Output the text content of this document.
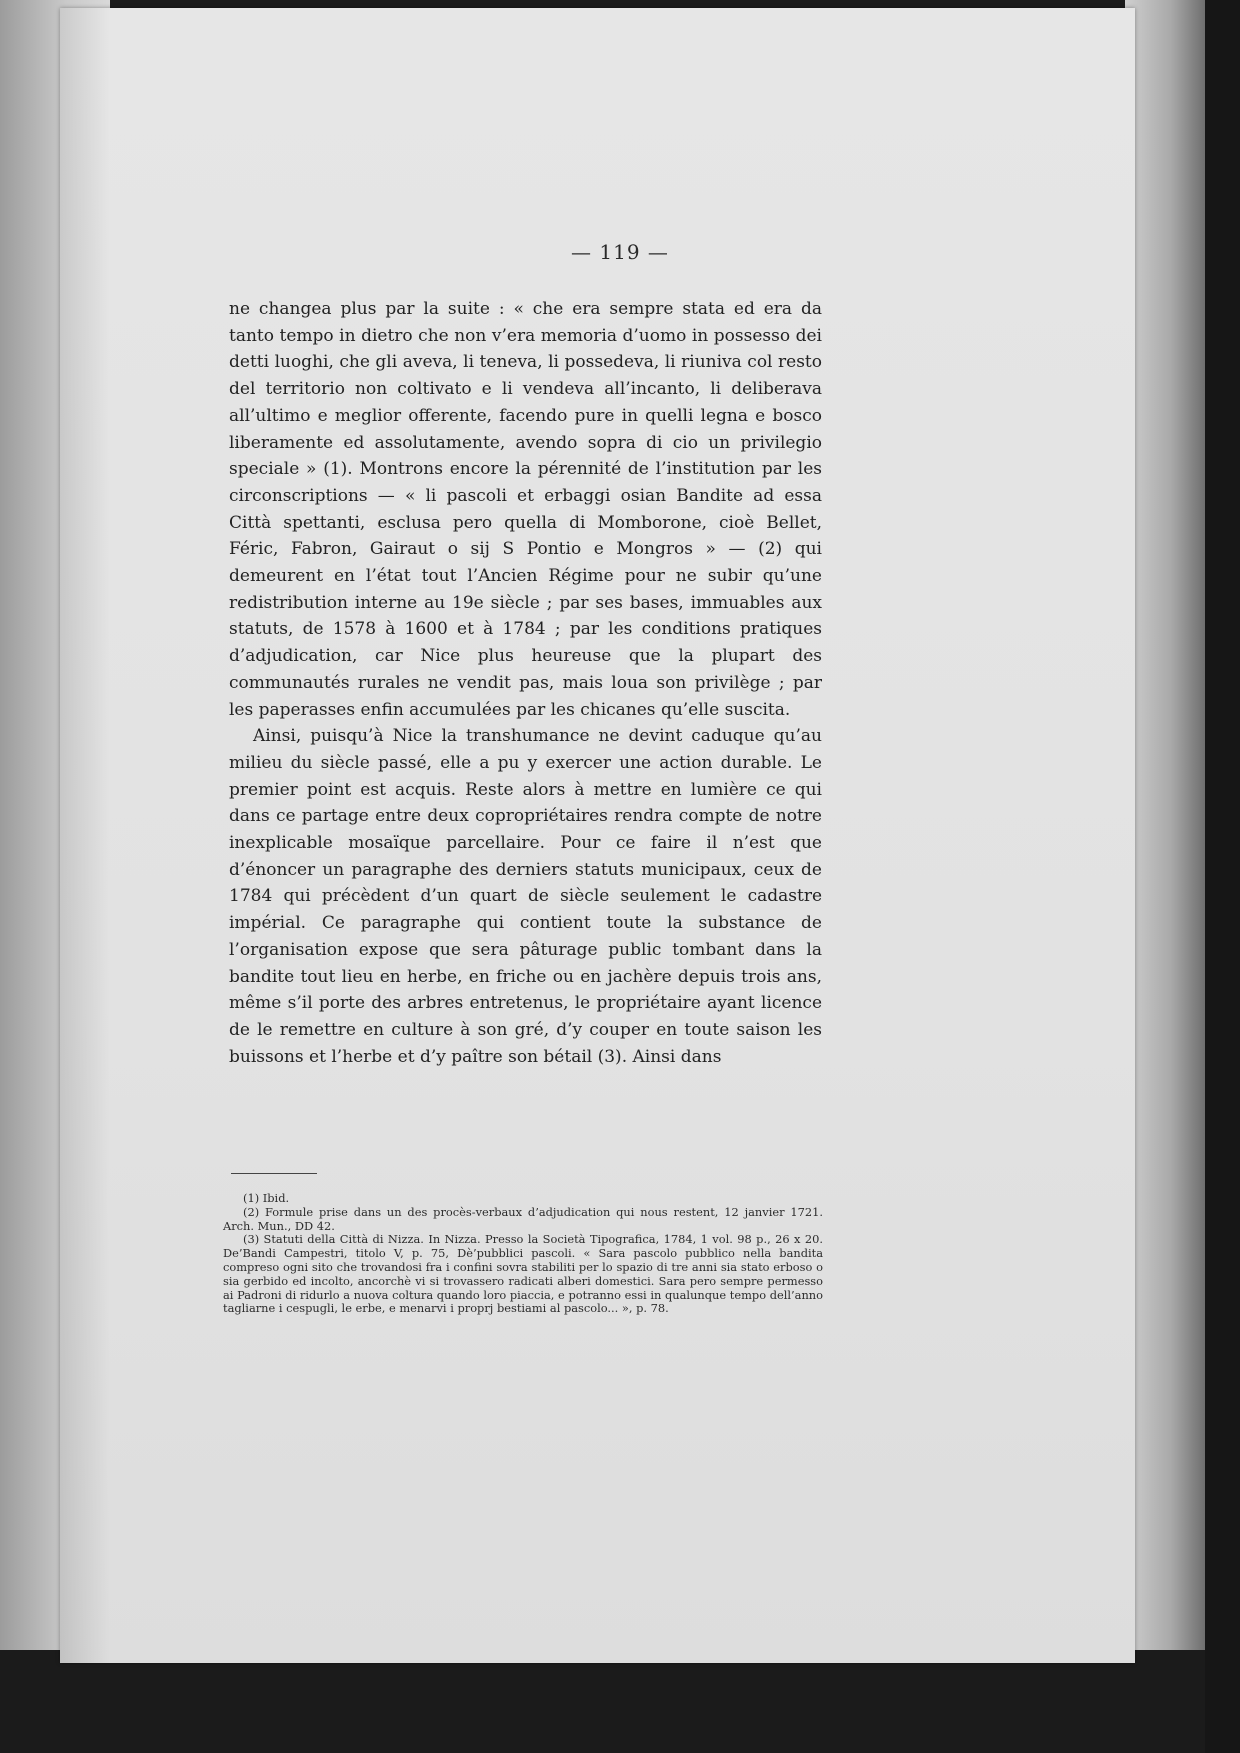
— 119 —

ne changea plus par la suite : « che era sempre stata ed era da tanto tempo in dietro che non v’era memoria d’uomo in possesso dei detti luoghi, che gli aveva, li teneva, li possedeva, li riuniva col resto del territorio non coltivato e li vendeva all’incanto, li deliberava all’ultimo e meglior offerente, facendo pure in quelli legna e bosco liberamente ed assolutamente, avendo sopra di cio un privilegio speciale » (1). Montrons encore la pérennité de l’institution par les circonscriptions — « li pascoli et erbaggi osian Bandite ad essa Città spettanti, esclusa pero quella di Momborone, cioè Bellet, Féric, Fabron, Gairaut o sij S Pontio e Mongros » — (2) qui demeurent en l’état tout l’Ancien Régime pour ne subir qu’une redistribution interne au 19e siècle ; par ses bases, immuables aux statuts, de 1578 à 1600 et à 1784 ; par les conditions pratiques d’adjudication, car Nice plus heureuse que la plupart des communautés rurales ne vendit pas, mais loua son privilège ; par les paperasses enfin accumulées par les chicanes qu’elle suscita.

Ainsi, puisqu’à Nice la transhumance ne devint caduque qu’au milieu du siècle passé, elle a pu y exercer une action durable. Le premier point est acquis. Reste alors à mettre en lumière ce qui dans ce partage entre deux copropriétaires rendra compte de notre inexplicable mosaïque parcellaire. Pour ce faire il n’est que d’énoncer un paragraphe des derniers statuts municipaux, ceux de 1784 qui précèdent d’un quart de siècle seulement le cadastre impérial. Ce paragraphe qui contient toute la substance de l’organisation expose que sera pâturage public tombant dans la bandite tout lieu en herbe, en friche ou en jachère depuis trois ans, même s’il porte des arbres entretenus, le propriétaire ayant licence de le remettre en culture à son gré, d’y couper en toute saison les buissons et l’herbe et d’y paître son bétail (3). Ainsi dans

(1) Ibid.

(2) Formule prise dans un des procès-verbaux d’adjudication qui nous restent, 12 janvier 1721. Arch. Mun., DD 42.

(3) Statuti della Città di Nizza. In Nizza. Presso la Società Tipografica, 1784, 1 vol. 98 p., 26 x 20. De’Bandi Campestri, titolo V, p. 75, Dè’pubblici pascoli. « Sara pascolo pubblico nella bandita compreso ogni sito che trovandosi fra i confini sovra stabiliti per lo spazio di tre anni sia stato erboso o sia gerbido ed incolto, ancorchè vi si trovassero radicati alberi domestici. Sara pero sempre permesso ai Padroni di ridurlo a nuova coltura quando loro piaccia, e potranno essi in qualunque tempo dell’anno tagliarne i cespugli, le erbe, e menarvi i proprj bestiami al pascolo... », p. 78.
